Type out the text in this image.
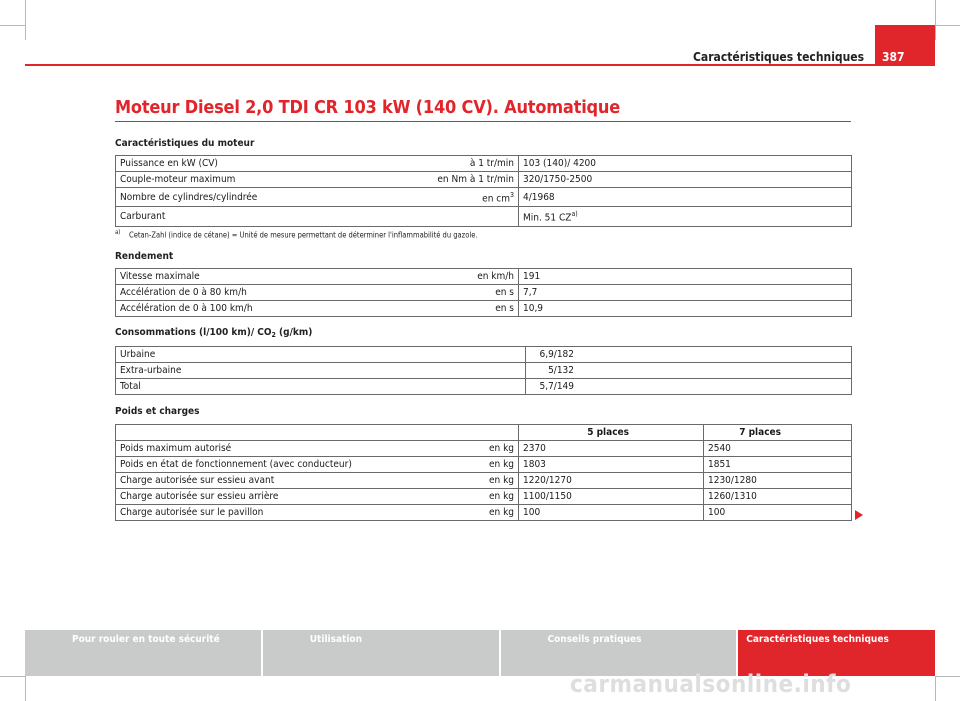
Caractéristiques techniques	387
Moteur Diesel 2,0 TDI CR 103 kW (140 CV). Automatique
Caractéristiques du moteur
Puissance en kW (CV)	à 1 tr/min	103 (140)/ 4200
Couple-moteur maximum	en Nm à 1 tr/min	320/1750-2500
Nombre de cylindres/cylindrée	en $cm^3$	4/1968
Carburant		Min. 51 CZ$^{a)}$
$^{a)}$ Cetan-Zahl (indice de cétane) = Unité de mesure permettant de déterminer l'inflammabilité du gazole.
Rendement
Vitesse maximale	en km/h	191
Accélération de 0 à 80 km/h	en s	7,7
Accélération de 0 à 100 km/h	en s	10,9
Consommations (l/100 km)/ $CO_2$ (g/km)
Urbaine	6,9/182
Extra-urbaine	5/132
Total	5,7/149
Poids et charges
		5 places	7 places
Poids maximum autorisé	en kg	2370	2540
Poids en état de fonctionnement (avec conducteur)	en kg	1803	1851
Charge autorisée sur essieu avant	en kg	1220/1270	1230/1280
Charge autorisée sur essieu arrière	en kg	1100/1150	1260/1310
Charge autorisée sur le pavillon	en kg	100	100
Pour rouler en toute sécurité	Utilisation	Conseils pratiques	Caractéristiques techniques
carmanualsonline.info
